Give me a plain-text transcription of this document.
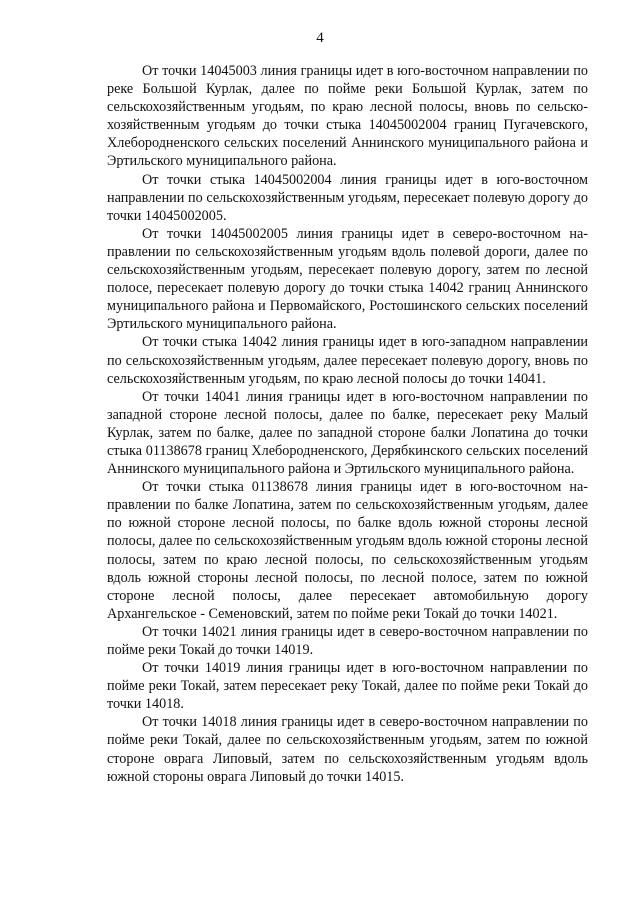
4

От точки 14045003 линия границы идет в юго-восточном направлении по реке Большой Курлак, далее по пойме реки Большой Курлак, затем по сельскохозяйственным угодьям, по краю лесной полосы, вновь по сельскохозяйственным угодьям до точки стыка 14045002004 границ Пугачевского, Хлебородненского сельских поселений Аннинского муниципального района и Эртильского муниципального района.

От точки стыка 14045002004 линия границы идет в юго-восточном направлении по сельскохозяйственным угодьям, пересекает полевую дорогу до точки 14045002005.

От точки 14045002005 линия границы идет в северо-восточном направлении по сельскохозяйственным угодьям вдоль полевой дороги, далее по сельскохозяйственным угодьям, пересекает полевую дорогу, затем по лесной полосе, пересекает полевую дорогу до точки стыка 14042 границ Аннинского муниципального района и Первомайского, Ростошинского сельских поселений Эртильского муниципального района.

От точки стыка 14042 линия границы идет в юго-западном направлении по сельскохозяйственным угодьям, далее пересекает полевую дорогу, вновь по сельскохозяйственным угодьям, по краю лесной полосы до точки 14041.

От точки 14041 линия границы идет в юго-восточном направлении по западной стороне лесной полосы, далее по балке, пересекает реку Малый Курлак, затем по балке, далее по западной стороне балки Лопатина до точки стыка 01138678 границ Хлебородненского, Дерябкинского сельских поселений Аннинского муниципального района и Эртильского муниципального района.

От точки стыка 01138678 линия границы идет в юго-восточном направлении по балке Лопатина, затем по сельскохозяйственным угодьям, далее по южной стороне лесной полосы, по балке вдоль южной стороны лесной полосы, далее по сельскохозяйственным угодьям вдоль южной стороны лесной полосы, затем по краю лесной полосы, по сельскохозяйственным угодьям вдоль южной стороны лесной полосы, по лесной полосе, затем по южной стороне лесной полосы, далее пересекает автомобильную дорогу Архангельское - Семеновский, затем по пойме реки Токай до точки 14021.

От точки 14021 линия границы идет в северо-восточном направлении по пойме реки Токай до точки 14019.

От точки 14019 линия границы идет в юго-восточном направлении по пойме реки Токай, затем пересекает реку Токай, далее по пойме реки Токай до точки 14018.

От точки 14018 линия границы идет в северо-восточном направлении по пойме реки Токай, далее по сельскохозяйственным угодьям, затем по южной стороне оврага Липовый, затем по сельскохозяйственным угодьям вдоль южной стороны оврага Липовый до точки 14015.
